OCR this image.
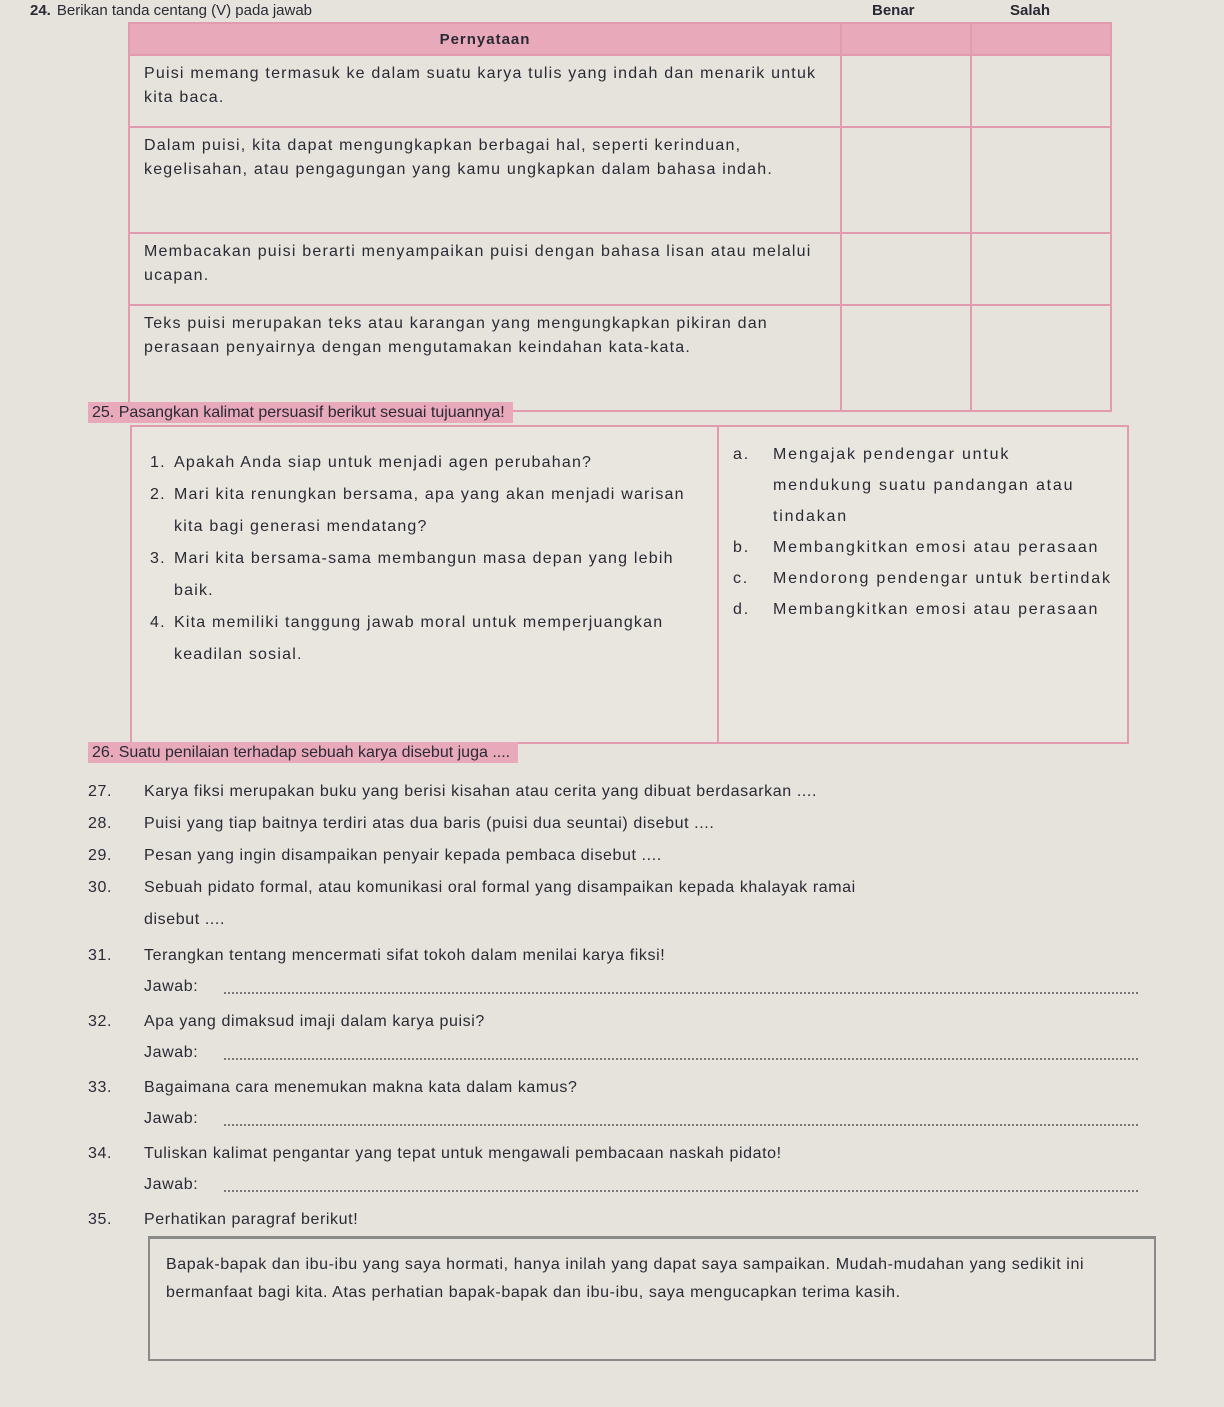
24. Berikan tanda centang (V) pada jawab	Benar	Salah
Pernyataan		
Puisi memang termasuk ke dalam suatu karya tulis yang indah dan menarik untuk kita baca.		
Dalam puisi, kita dapat mengungkapkan berbagai hal, seperti kerinduan, kegelisahan, atau pengagungan yang kamu ungkapkan dalam bahasa indah.		
Membacakan puisi berarti menyampaikan puisi dengan bahasa lisan atau melalui ucapan.		
Teks puisi merupakan teks atau karangan yang mengungkapkan pikiran dan perasaan penyairnya dengan mengutamakan keindahan kata-kata.		
25. Pasangkan kalimat persuasif berikut sesuai tujuannya!
1. Apakah Anda siap untuk menjadi agen perubahan?
2. Mari kita renungkan bersama, apa yang akan menjadi warisan kita bagi generasi mendatang?
3. Mari kita bersama-sama membangun masa depan yang lebih baik.
4. Kita memiliki tanggung jawab moral untuk memperjuangkan keadilan sosial.
a.	Mengajak pendengar untuk mendukung suatu pandangan atau tindakan
b.	Membangkitkan emosi atau perasaan
c.	Mendorong pendengar untuk bertindak
d.	Membangkitkan emosi atau perasaan
26. Suatu penilaian terhadap sebuah karya disebut juga ....
27.	Karya fiksi merupakan buku yang berisi kisahan atau cerita yang dibuat berdasarkan ....
28.	Puisi yang tiap baitnya terdiri atas dua baris (puisi dua seuntai) disebut ....
29.	Pesan yang ingin disampaikan penyair kepada pembaca disebut ....
30.	Sebuah pidato formal, atau komunikasi oral formal yang disampaikan kepada khalayak ramai
disebut ....
31.	Terangkan tentang mencermati sifat tokoh dalam menilai karya fiksi!
Jawab:
32.	Apa yang dimaksud imaji dalam karya puisi?
Jawab:
33.	Bagaimana cara menemukan makna kata dalam kamus?
Jawab:
34.	Tuliskan kalimat pengantar yang tepat untuk mengawali pembacaan naskah pidato!
Jawab:
35.	Perhatikan paragraf berikut!
Bapak-bapak dan ibu-ibu yang saya hormati, hanya inilah yang dapat saya sampaikan. Mudah-mudahan yang sedikit ini bermanfaat bagi kita. Atas perhatian bapak-bapak dan ibu-ibu, saya mengucapkan terima kasih.
